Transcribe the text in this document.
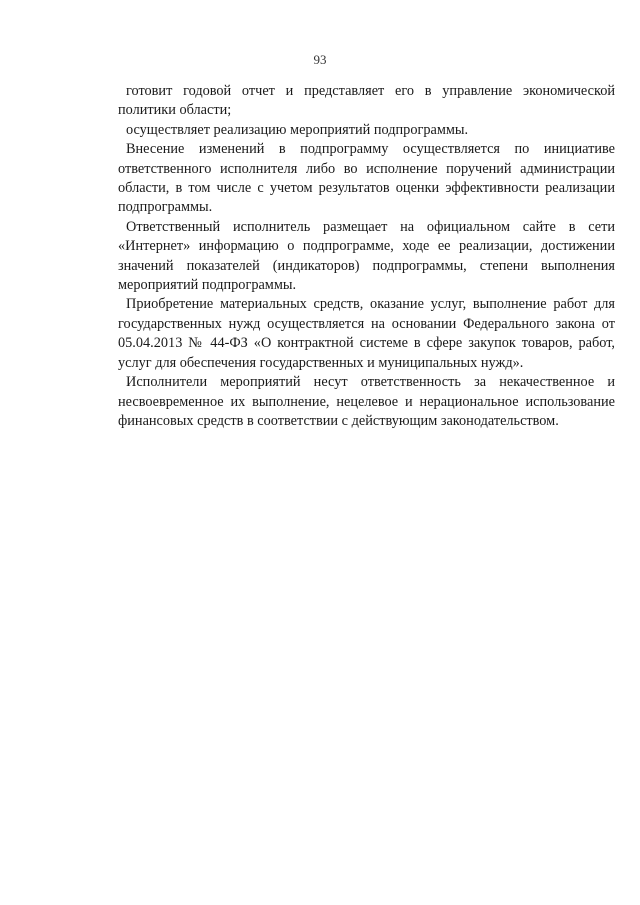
93

готовит годовой отчет и представляет его в управление экономической политики области;

осуществляет реализацию мероприятий подпрограммы.

Внесение изменений в подпрограмму осуществляется по инициативе ответственного исполнителя либо во исполнение поручений администрации области, в том числе с учетом результатов оценки эффективности реализации подпрограммы.

Ответственный исполнитель размещает на официальном сайте в сети «Интернет» информацию о подпрограмме, ходе ее реализации, достижении значений показателей (индикаторов) подпрограммы, степени выполнения мероприятий подпрограммы.

Приобретение материальных средств, оказание услуг, выполнение работ для государственных нужд осуществляется на основании Федерального закона от 05.04.2013 № 44-ФЗ «О контрактной системе в сфере закупок товаров, работ, услуг для обеспечения государственных и муниципальных нужд».

Исполнители мероприятий несут ответственность за некачественное и несвоевременное их выполнение, нецелевое и нерациональное использование финансовых средств в соответствии с действующим законодательством.
